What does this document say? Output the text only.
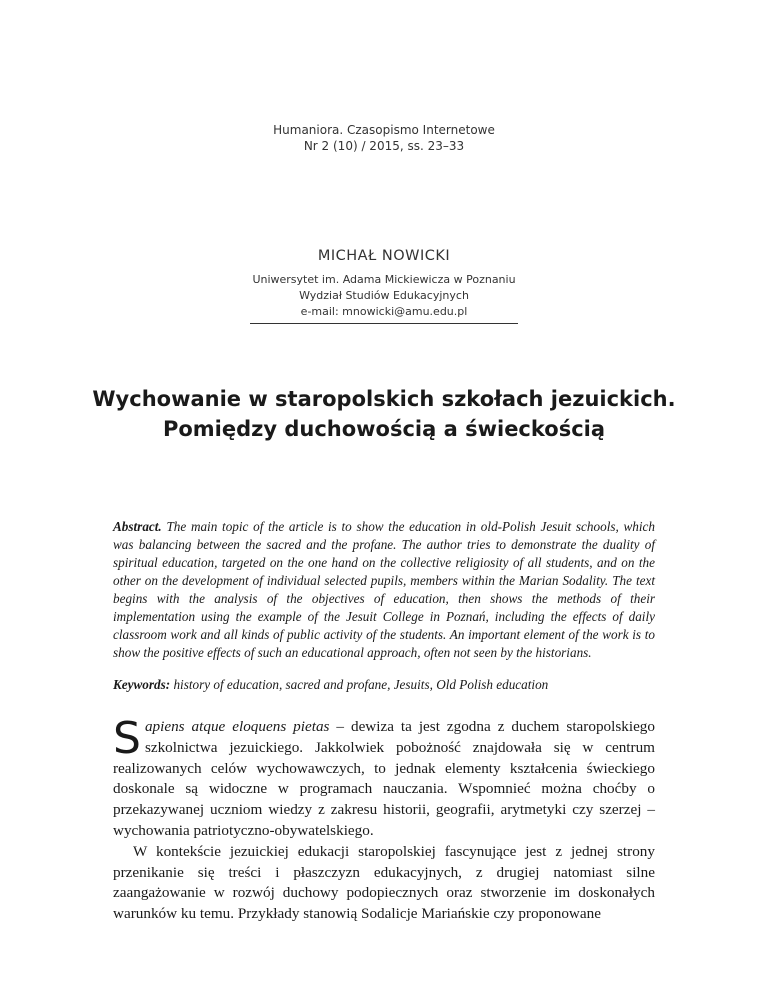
Humaniora. Czasopismo Internetowe
Nr 2 (10) / 2015, ss. 23–33
MICHAŁ NOWICKI
Uniwersytet im. Adama Mickiewicza w Poznaniu
Wydział Studiów Edukacyjnych
e-mail: mnowicki@amu.edu.pl
Wychowanie w staropolskich szkołach jezuickich.
Pomiędzy duchowością a świeckością
Abstract. The main topic of the article is to show the education in old-Polish Jesuit schools, which was balancing between the sacred and the profane. The author tries to demonstrate the duality of spiritual education, targeted on the one hand on the collective religiosity of all students, and on the other on the development of individual selected pupils, members within the Marian Sodality. The text begins with the analysis of the objectives of education, then shows the methods of their implementation using the example of the Jesuit College in Poznań, including the effects of daily classroom work and all kinds of public activity of the students. An important element of the work is to show the positive effects of such an educational approach, often not seen by the historians.
Keywords: history of education, sacred and profane, Jesuits, Old Polish education

Sapiens atque eloquens pietas – dewiza ta jest zgodna z duchem staropolskiego szkolnictwa jezuickiego. Jakkolwiek pobożność znajdowała się w centrum realizowanych celów wychowawczych, to jednak elementy kształcenia świeckiego doskonale są widoczne w programach nauczania. Wspomnieć można choćby o przekazywanej uczniom wiedzy z zakresu historii, geografii, arytmetyki czy szerzej – wychowania patriotyczno-obywatelskiego.

W kontekście jezuickiej edukacji staropolskiej fascynujące jest z jednej strony przenikanie się treści i płaszczyzn edukacyjnych, z drugiej natomiast silne zaangażowanie w rozwój duchowy podopiecznych oraz stworzenie im doskonałych warunków ku temu. Przykłady stanowią Sodalicje Mariańskie czy proponowane
